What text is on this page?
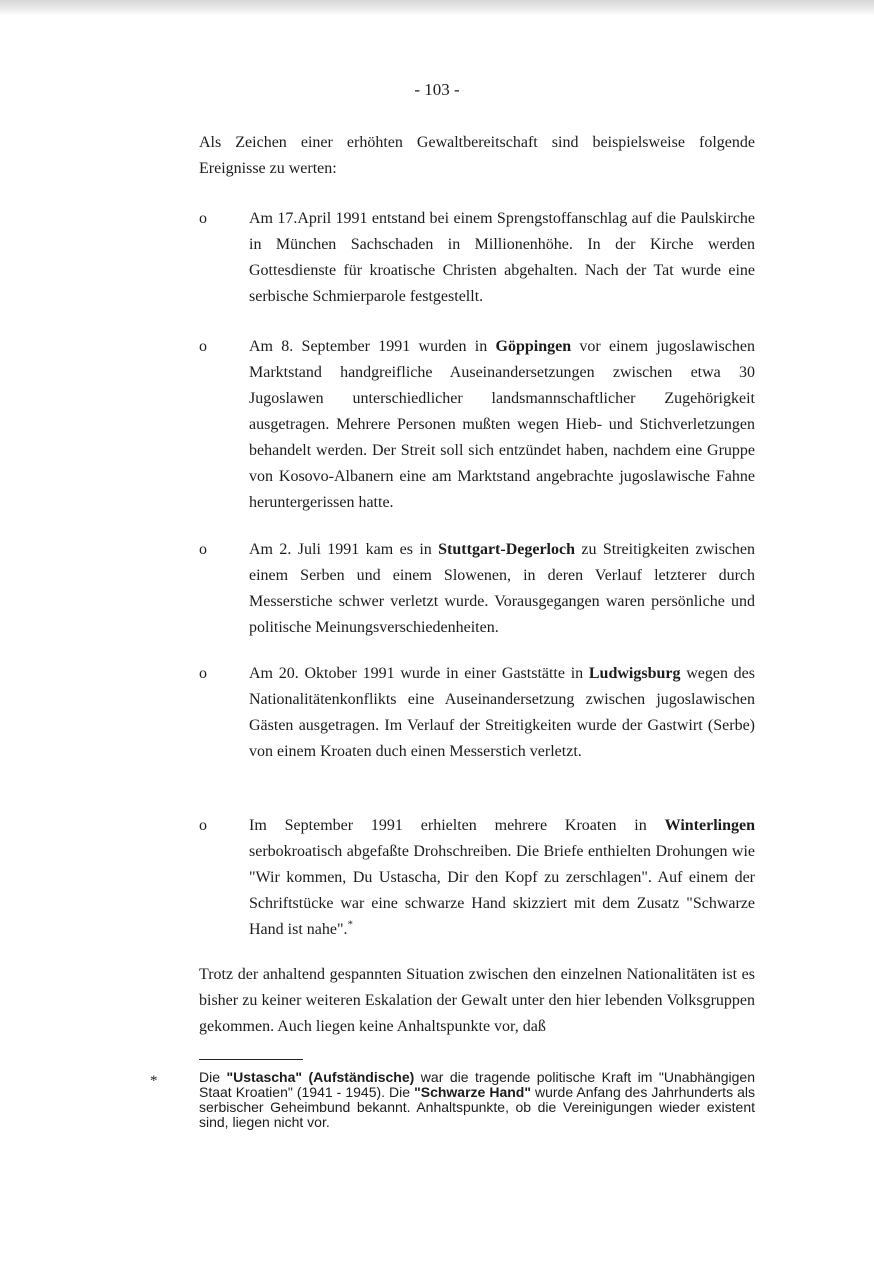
- 103 -

Als Zeichen einer erhöhten Gewaltbereitschaft sind beispielsweise folgende Ereignisse zu werten:

o	Am 17.April 1991 entstand bei einem Sprengstoffanschlag auf die Paulskirche in München Sachschaden in Millionenhöhe. In der Kirche werden Gottesdienste für kroatische Christen abgehalten. Nach der Tat wurde eine serbische Schmierparole festgestellt.

o	Am 8. September 1991 wurden in Göppingen vor einem jugoslawischen Marktstand handgreifliche Auseinandersetzungen zwischen etwa 30 Jugoslawen unterschiedlicher landsmannschaftlicher Zugehörigkeit ausgetragen. Mehrere Personen mußten wegen Hieb- und Stichverletzungen behandelt werden. Der Streit soll sich entzündet haben, nachdem eine Gruppe von Kosovo-Albanern eine am Marktstand angebrachte jugoslawische Fahne heruntergerissen hatte.

o	Am 2. Juli 1991 kam es in Stuttgart-Degerloch zu Streitigkeiten zwischen einem Serben und einem Slowenen, in deren Verlauf letzterer durch Messerstiche schwer verletzt wurde. Vorausgegangen waren persönliche und politische Meinungsverschiedenheiten.

o	Am 20. Oktober 1991 wurde in einer Gaststätte in Ludwigsburg wegen des Nationalitätenkonflikts eine Auseinandersetzung zwischen jugoslawischen Gästen ausgetragen. Im Verlauf der Streitigkeiten wurde der Gastwirt (Serbe) von einem Kroaten duch einen Messerstich verletzt.

o	Im September 1991 erhielten mehrere Kroaten in Winterlingen serbokroatisch abgefaßte Drohschreiben. Die Briefe enthielten Drohungen wie "Wir kommen, Du Ustascha, Dir den Kopf zu zerschlagen". Auf einem der Schriftstücke war eine schwarze Hand skizziert mit dem Zusatz "Schwarze Hand ist nahe".*

Trotz der anhaltend gespannten Situation zwischen den einzelnen Nationalitäten ist es bisher zu keiner weiteren Eskalation der Gewalt unter den hier lebenden Volksgruppen gekommen. Auch liegen keine Anhaltspunkte vor, daß

*	Die "Ustascha" (Aufständische) war die tragende politische Kraft im "Unabhängigen Staat Kroatien" (1941 - 1945). Die "Schwarze Hand" wurde Anfang des Jahrhunderts als serbischer Geheimbund bekannt. Anhaltspunkte, ob die Vereinigungen wieder existent sind, liegen nicht vor.
